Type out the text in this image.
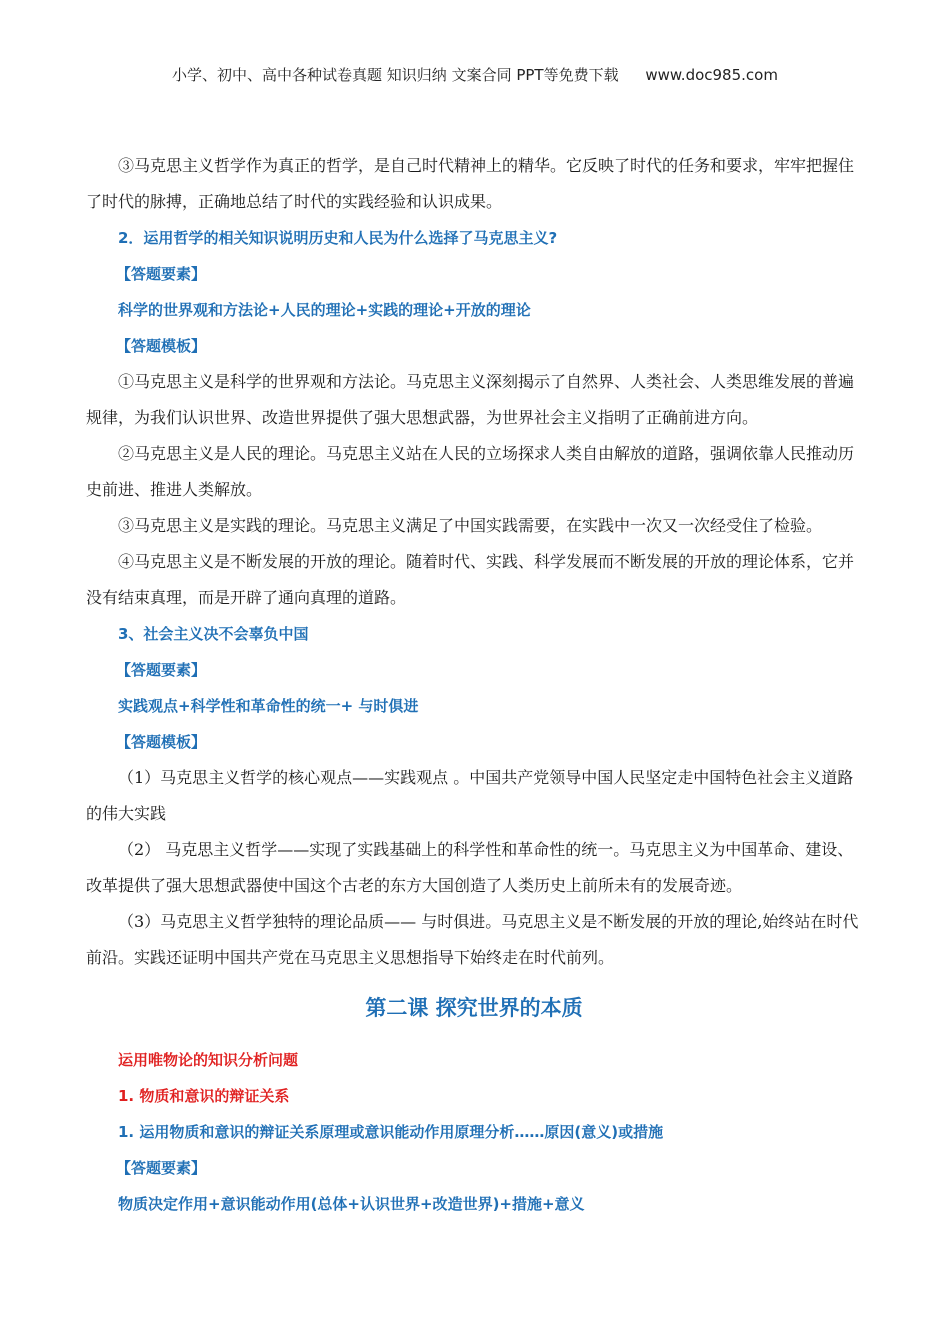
小学、初中、高中各种试卷真题 知识归纳 文案合同 PPT等免费下载 www.doc985.com

③马克思主义哲学作为真正的哲学，是自己时代精神上的精华。它反映了时代的任务和要求，牢牢把握住了时代的脉搏，正确地总结了时代的实践经验和认识成果。

2．运用哲学的相关知识说明历史和人民为什么选择了马克思主义?

【答题要素】

科学的世界观和方法论+人民的理论+实践的理论+开放的理论

【答题模板】

①马克思主义是科学的世界观和方法论。马克思主义深刻揭示了自然界、人类社会、人类思维发展的普遍规律，为我们认识世界、改造世界提供了强大思想武器，为世界社会主义指明了正确前进方向。

②马克思主义是人民的理论。马克思主义站在人民的立场探求人类自由解放的道路，强调依靠人民推动历史前进、推进人类解放。

③马克思主义是实践的理论。马克思主义满足了中国实践需要，在实践中一次又一次经受住了检验。

④马克思主义是不断发展的开放的理论。随着时代、实践、科学发展而不断发展的开放的理论体系，它并没有结束真理，而是开辟了通向真理的道路。

3、社会主义决不会辜负中国

【答题要素】

实践观点+科学性和革命性的统一+ 与时俱进

【答题模板】

（1）马克思主义哲学的核心观点——实践观点 。中国共产党领导中国人民坚定走中国特色社会主义道路的伟大实践

（2） 马克思主义哲学——实现了实践基础上的科学性和革命性的统一。马克思主义为中国革命、建设、改革提供了强大思想武器使中国这个古老的东方大国创造了人类历史上前所未有的发展奇迹。

（3）马克思主义哲学独特的理论品质—— 与时俱进。马克思主义是不断发展的开放的理论,始终站在时代前沿。实践还证明中国共产党在马克思主义思想指导下始终走在时代前列。

第二课 探究世界的本质

运用唯物论的知识分析问题

1. 物质和意识的辩证关系

1. 运用物质和意识的辩证关系原理或意识能动作用原理分析……原因(意义)或措施

【答题要素】

物质决定作用+意识能动作用(总体+认识世界+改造世界)+措施+意义
